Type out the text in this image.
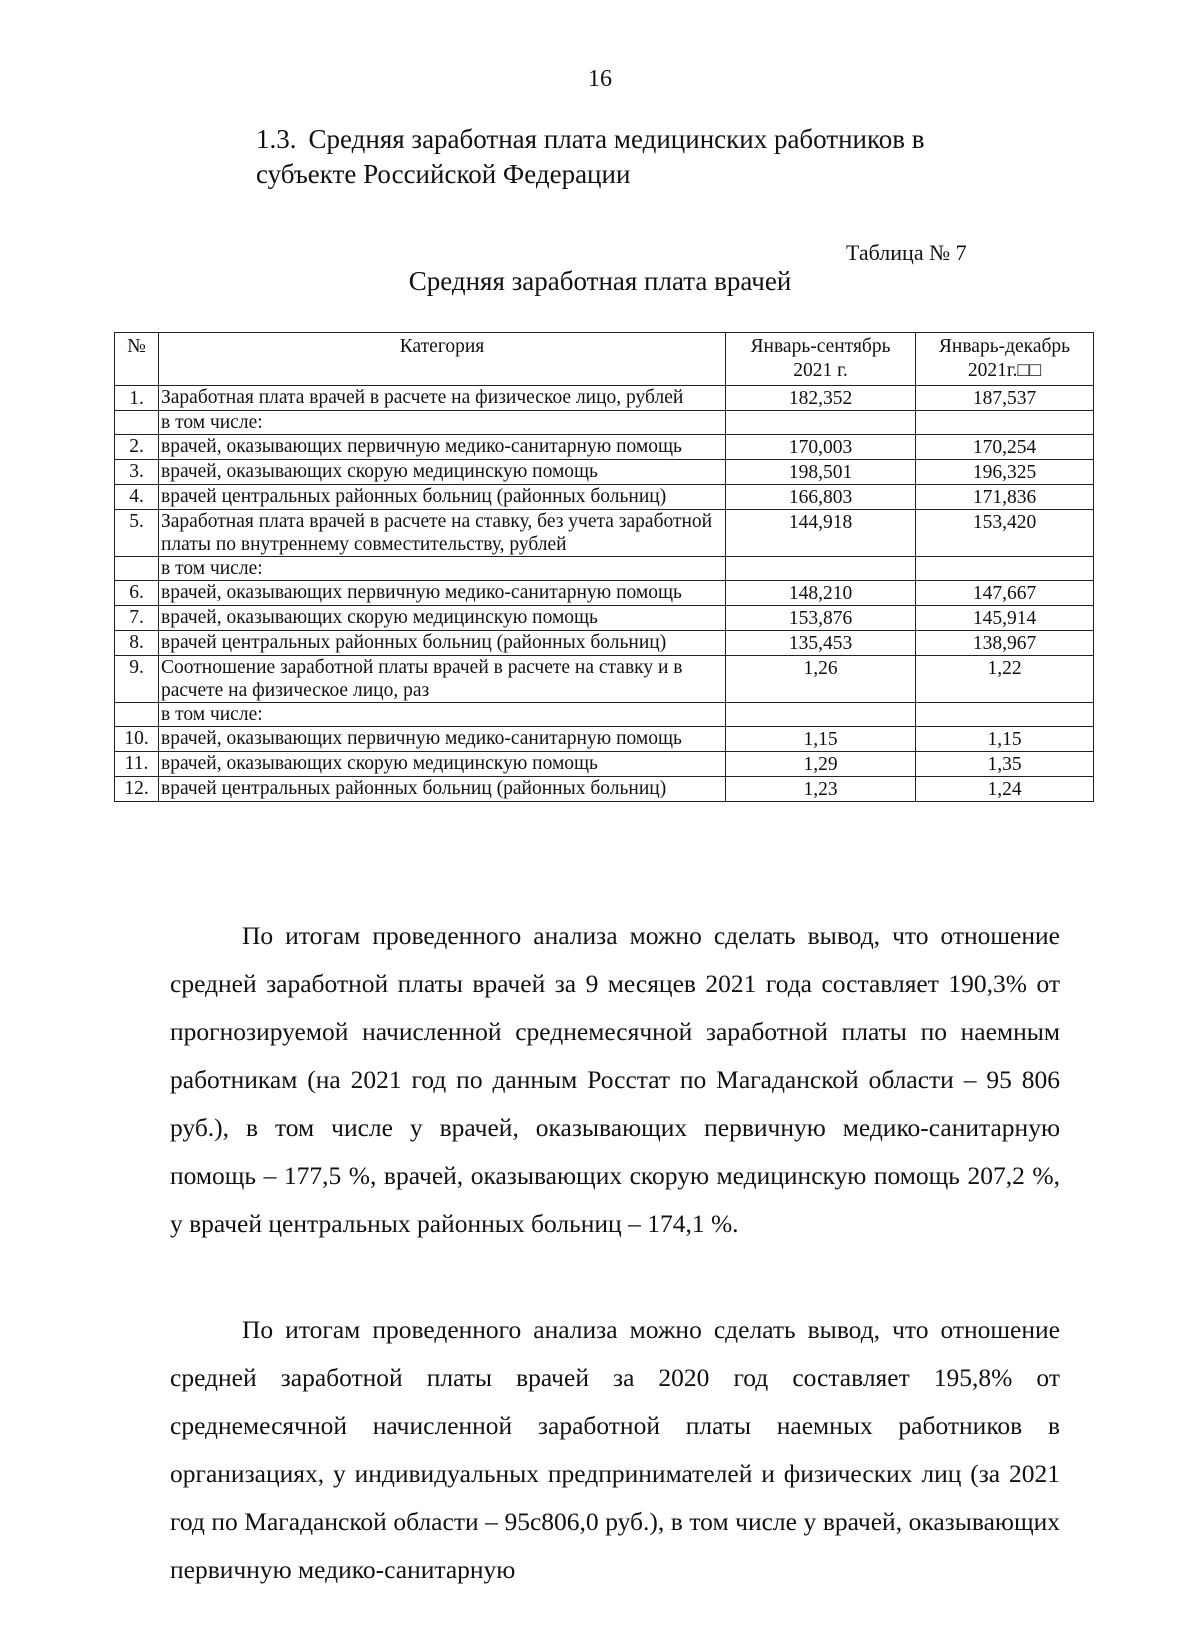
16
1.3. Средняя заработная плата медицинских работников в субъекте Российской Федерации
Таблица № 7
Средняя заработная плата врачей
№	Категория	Январь-сентябрь 2021 г.	Январь-декабрь 2021г.□□
1.	Заработная плата врачей в расчете на физическое лицо, рублей	182,352	187,537
	в том числе:		
2.	врачей, оказывающих первичную медико-санитарную помощь	170,003	170,254
3.	врачей, оказывающих скорую медицинскую помощь	198,501	196,325
4.	врачей центральных районных больниц (районных больниц)	166,803	171,836
5.	Заработная плата врачей в расчете на ставку, без учета заработной платы по внутреннему совместительству, рублей	144,918	153,420
	в том числе:		
6.	врачей, оказывающих первичную медико-санитарную помощь	148,210	147,667
7.	врачей, оказывающих скорую медицинскую помощь	153,876	145,914
8.	врачей центральных районных больниц (районных больниц)	135,453	138,967
9.	Соотношение заработной платы врачей в расчете на ставку и в расчете на физическое лицо, раз	1,26	1,22
	в том числе:		
10.	врачей, оказывающих первичную медико-санитарную помощь	1,15	1,15
11.	врачей, оказывающих скорую медицинскую помощь	1,29	1,35
12.	врачей центральных районных больниц (районных больниц)	1,23	1,24

По итогам проведенного анализа можно сделать вывод, что отношение средней заработной платы врачей за 9 месяцев 2021 года составляет 190,3% от прогнозируемой начисленной среднемесячной заработной платы по наемным работникам (на 2021 год по данным Росстат по Магаданской области – 95 806 руб.), в том числе у врачей, оказывающих первичную медико-санитарную помощь – 177,5 %, врачей, оказывающих скорую медицинскую помощь 207,2 %, у врачей центральных районных больниц – 174,1 %.

По итогам проведенного анализа можно сделать вывод, что отношение средней заработной платы врачей за 2020 год составляет 195,8% от среднемесячной начисленной заработной платы наемных работников в организациях, у индивидуальных предпринимателей и физических лиц (за 2021 год по Магаданской области – 95с806,0 руб.), в том числе у врачей, оказывающих первичную медико-санитарную
